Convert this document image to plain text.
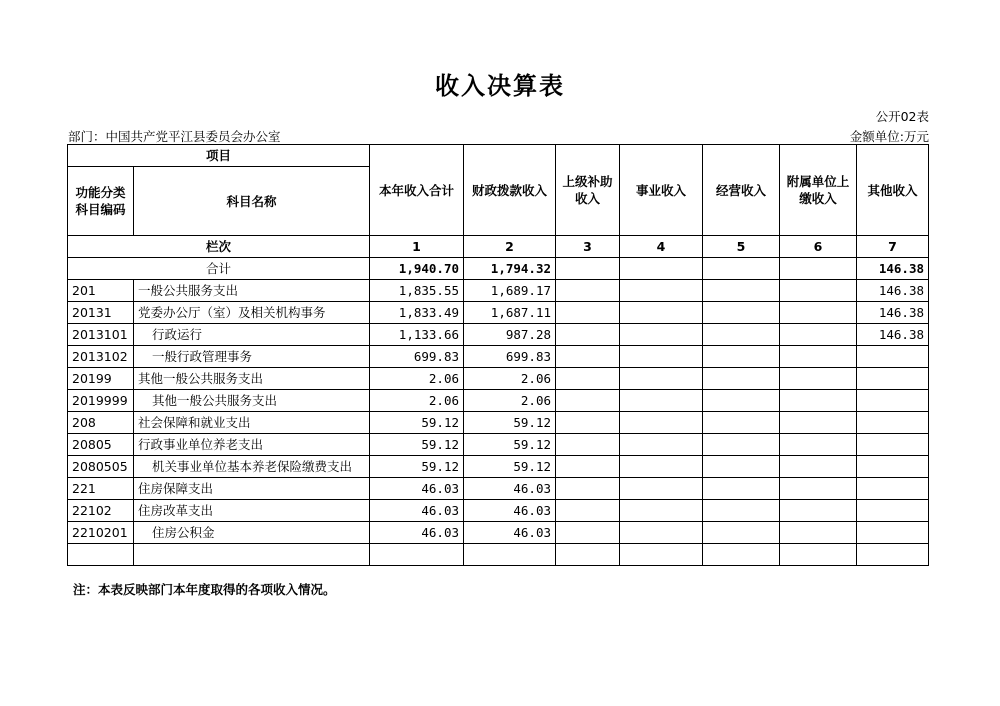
收入决算表
公开02表
部门：中国共产党平江县委员会办公室	金额单位:万元
项目		本年收入合计	财政拨款收入	上级补助收入	事业收入	经营收入	附属单位上缴收入	其他收入
功能分类科目编码	科目名称							
栏次		1	2	3	4	5	6	7
合计		1,940.70	1,794.32					146.38
201	一般公共服务支出	1,835.55	1,689.17					146.38
20131	党委办公厅（室）及相关机构事务	1,833.49	1,687.11					146.38
2013101	行政运行	1,133.66	987.28					146.38
2013102	一般行政管理事务	699.83	699.83					
20199	其他一般公共服务支出	2.06	2.06					
2019999	其他一般公共服务支出	2.06	2.06					
208	社会保障和就业支出	59.12	59.12					
20805	行政事业单位养老支出	59.12	59.12					
2080505	机关事业单位基本养老保险缴费支出	59.12	59.12					
221	住房保障支出	46.03	46.03					
22102	住房改革支出	46.03	46.03					
2210201	住房公积金	46.03	46.03					

注：本表反映部门本年度取得的各项收入情况。
